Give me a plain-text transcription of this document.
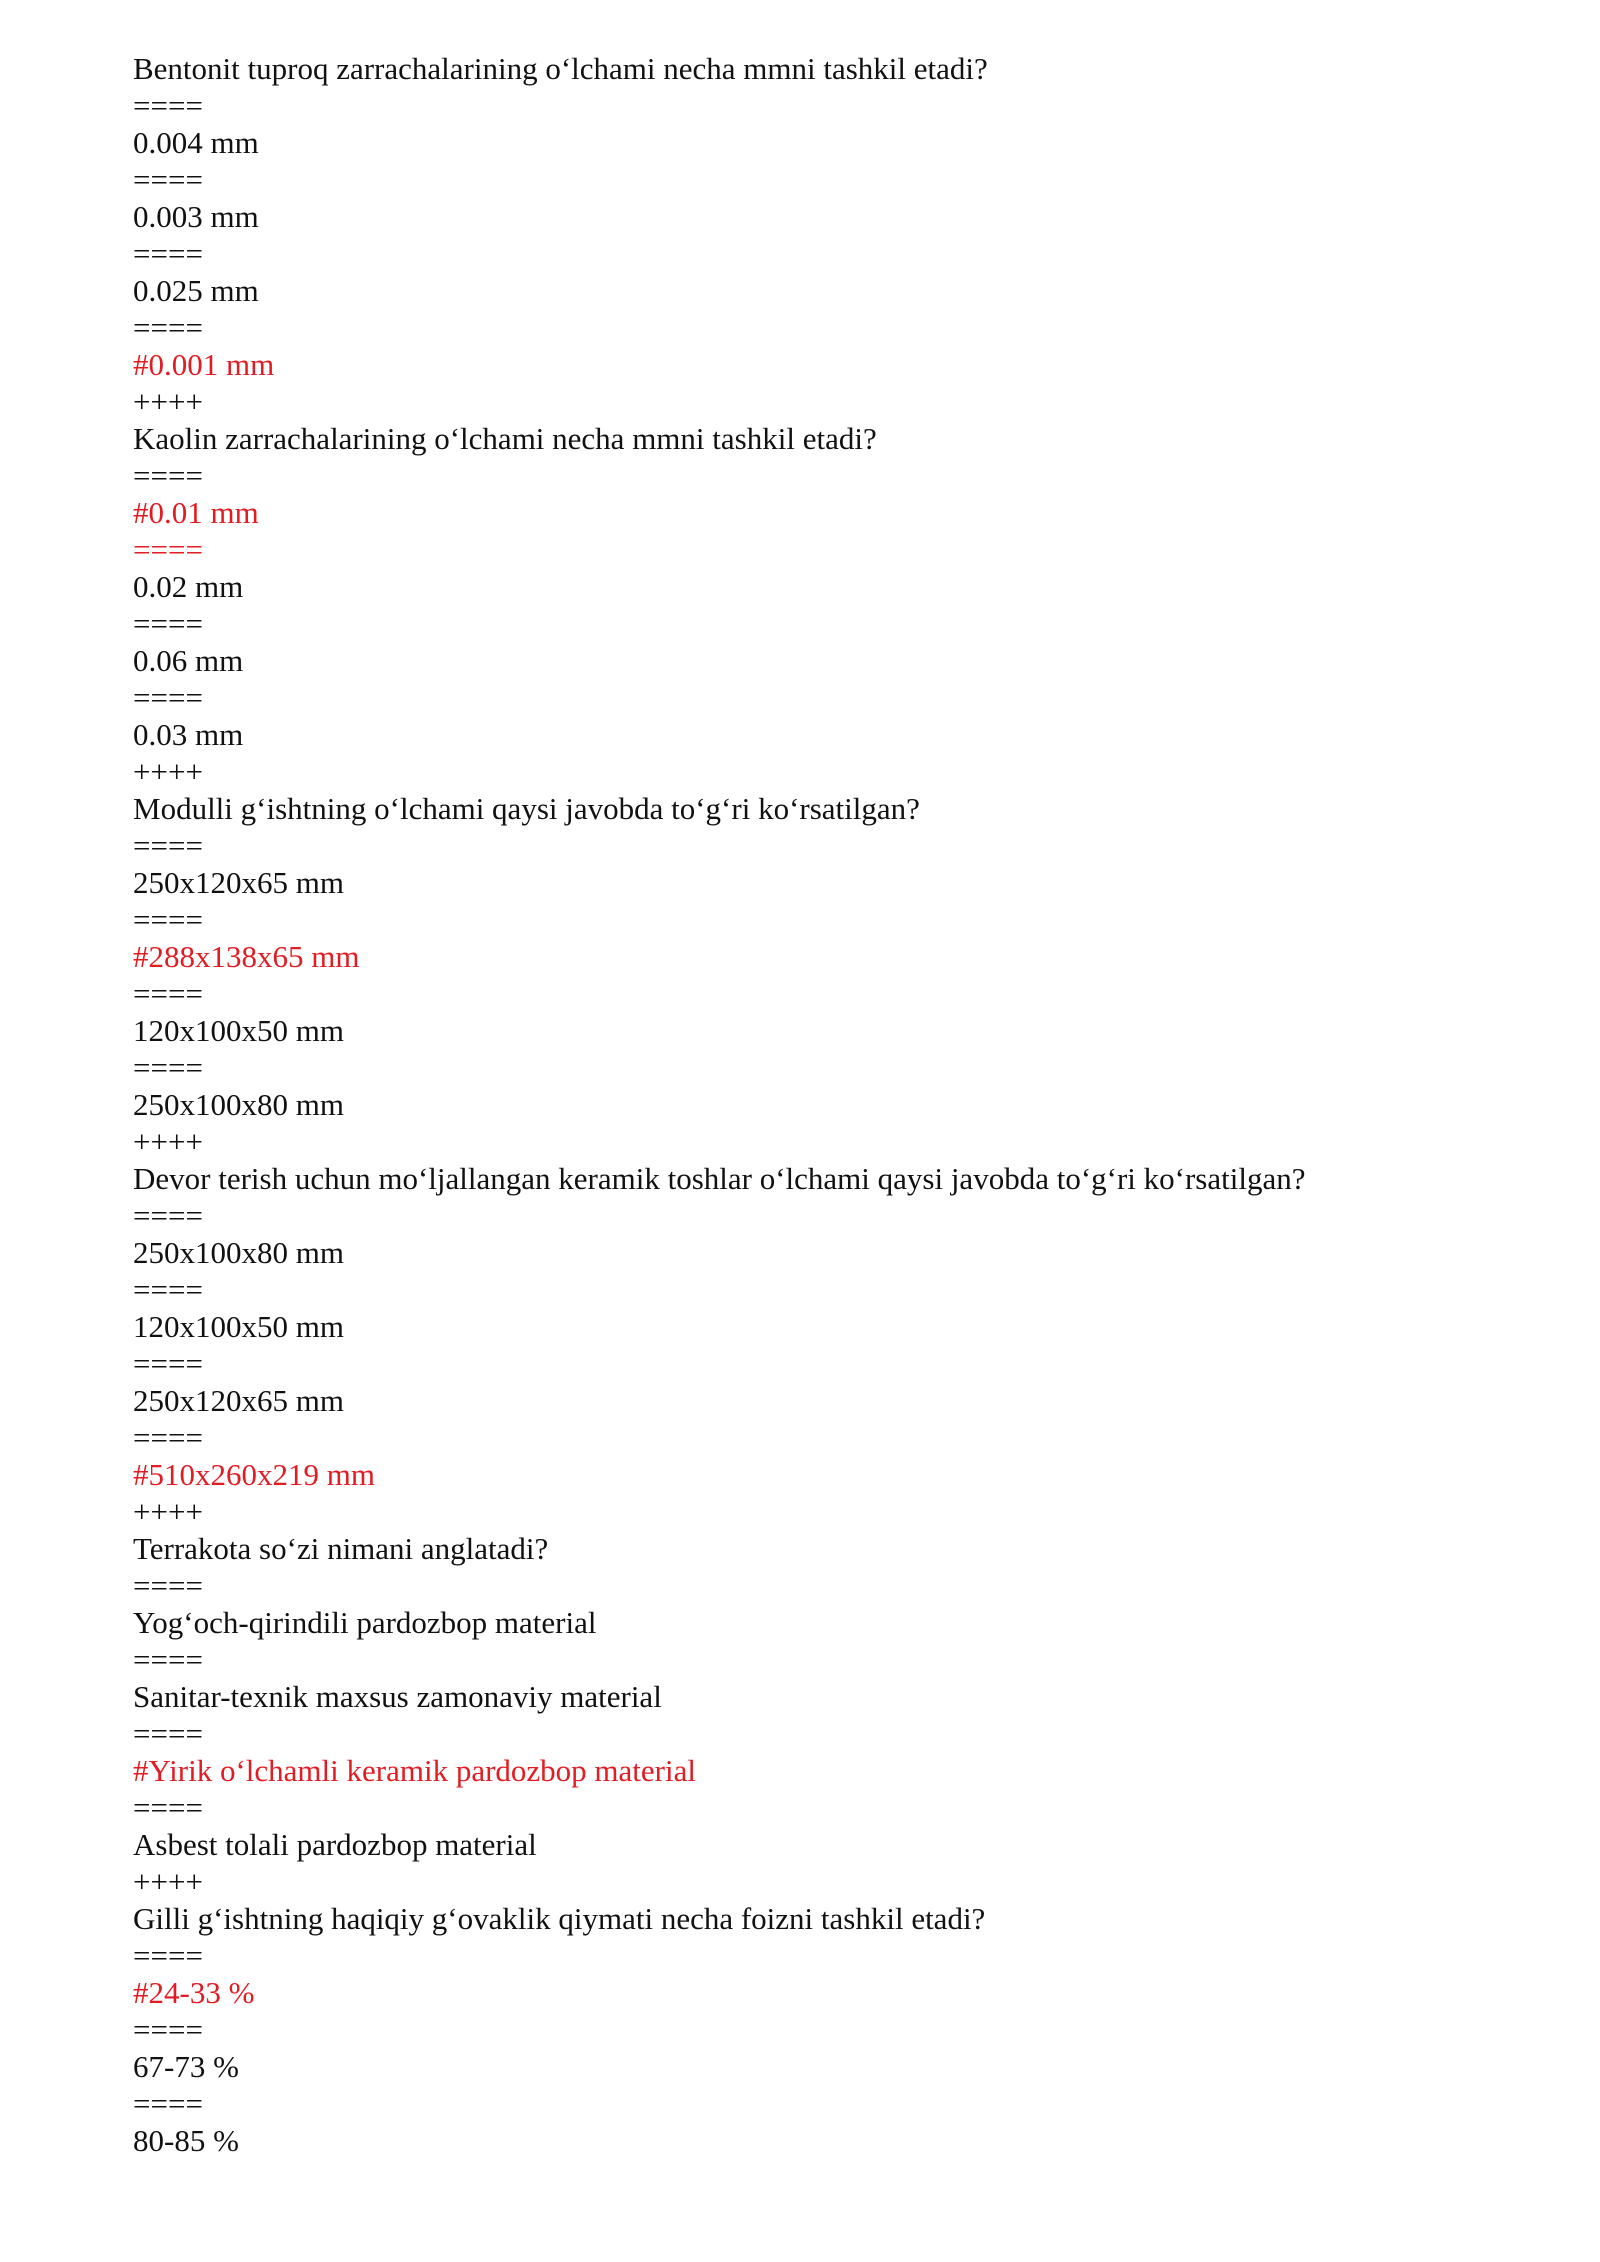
Bentonit tuproq zarrachalarining o‘lchami necha mmni tashkil etadi?
====
0.004 mm
====
0.003 mm
====
0.025 mm
====
#0.001 mm
++++
Kaolin zarrachalarining o‘lchami necha mmni tashkil etadi?
====
#0.01 mm
====
0.02 mm
====
0.06 mm
====
0.03 mm
++++
Modulli g‘ishtning o‘lchami qaysi javobda to‘g‘ri ko‘rsatilgan?
====
250x120x65 mm
====
#288x138x65 mm
====
120x100x50 mm
====
250x100x80 mm
++++
Devor terish uchun mo‘ljallangan keramik toshlar o‘lchami qaysi javobda to‘g‘ri ko‘rsatilgan?
====
250x100x80 mm
====
120x100x50 mm
====
250x120x65 mm
====
#510x260x219 mm
++++
Terrakota so‘zi nimani anglatadi?
====
Yog‘och-qirindili pardozbop material
====
Sanitar-texnik maxsus zamonaviy material
====
#Yirik o‘lchamli keramik pardozbop material
====
Asbest tolali pardozbop material
++++
Gilli g‘ishtning haqiqiy g‘ovaklik qiymati necha foizni tashkil etadi?
====
#24-33 %
====
67-73 %
====
80-85 %
